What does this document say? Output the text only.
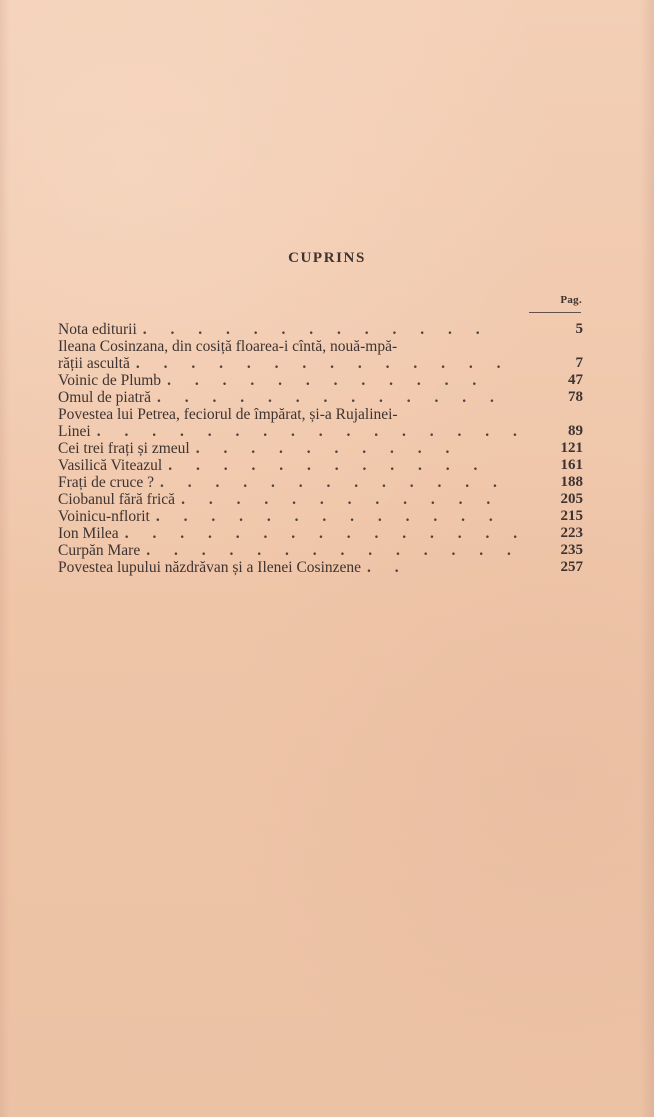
CUPRINS
Pag.
Nota editurii . . . . . . . . . . . . .	5
Ileana Cosinzana, din cosiță floarea-i cîntă, nouă-mpă-
rății ascultă . . . . . . . . . . . . . .	7
Voinic de Plumb . . . . . . . . . . . .	47
Omul de piatră . . . . . . . . . . . . .	78
Povestea lui Petrea, feciorul de împărat, și-a Rujalinei-
Linei . . . . . . . . . . . . . . . .	89
Cei trei frați și zmeul . . . . . . . . . .	121
Vasilică Viteazul . . . . . . . . . . . .	161
Frați de cruce ? . . . . . . . . . . . . .	188
Ciobanul fără frică . . . . . . . . . . . .	205
Voinicu-nflorit . . . . . . . . . . . . .	215
Ion Milea . . . . . . . . . . . . . . .	223
Curpăn Mare . . . . . . . . . . . . . .	235
Povestea lupului năzdrăvan și a Ilenei Cosinzene . .	257
